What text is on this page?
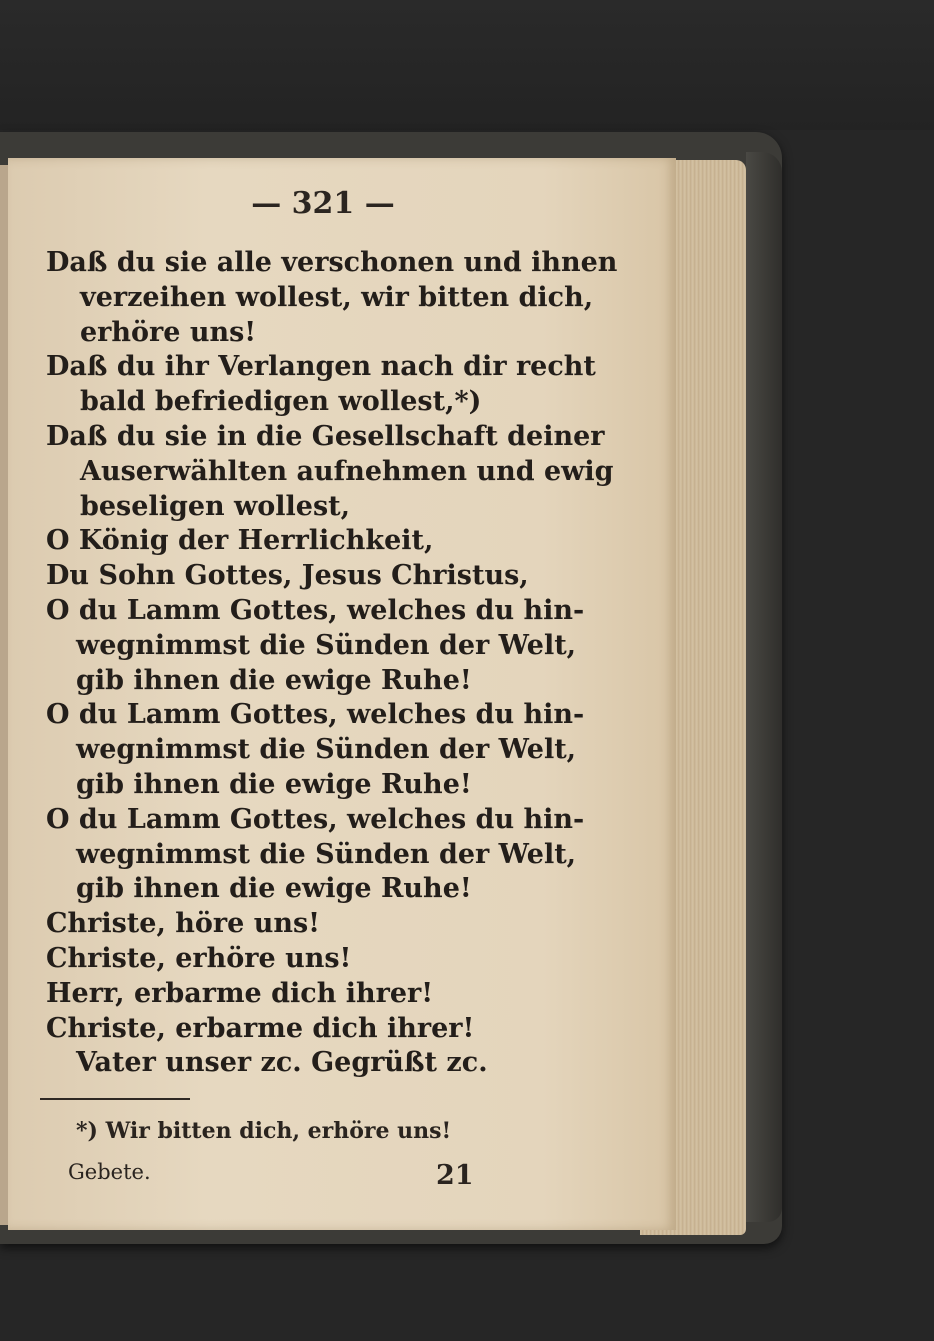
— 321 —
Daß du sie alle verschonen und ihnen
verzeihen wollest, wir bitten dich,
erhöre uns!
Daß du ihr Verlangen nach dir recht
bald befriedigen wollest,*)
Daß du sie in die Gesellschaft deiner
Auserwählten aufnehmen und ewig
beseligen wollest,
O König der Herrlichkeit,
Du Sohn Gottes, Jesus Christus,
O du Lamm Gottes, welches du hin-
wegnimmst die Sünden der Welt,
gib ihnen die ewige Ruhe!
O du Lamm Gottes, welches du hin-
wegnimmst die Sünden der Welt,
gib ihnen die ewige Ruhe!
O du Lamm Gottes, welches du hin-
wegnimmst die Sünden der Welt,
gib ihnen die ewige Ruhe!
Christe, höre uns!
Christe, erhöre uns!
Herr, erbarme dich ihrer!
Christe, erbarme dich ihrer!
Vater unser zc. Gegrüßt zc.
*) Wir bitten dich, erhöre uns!
Gebete.	21
